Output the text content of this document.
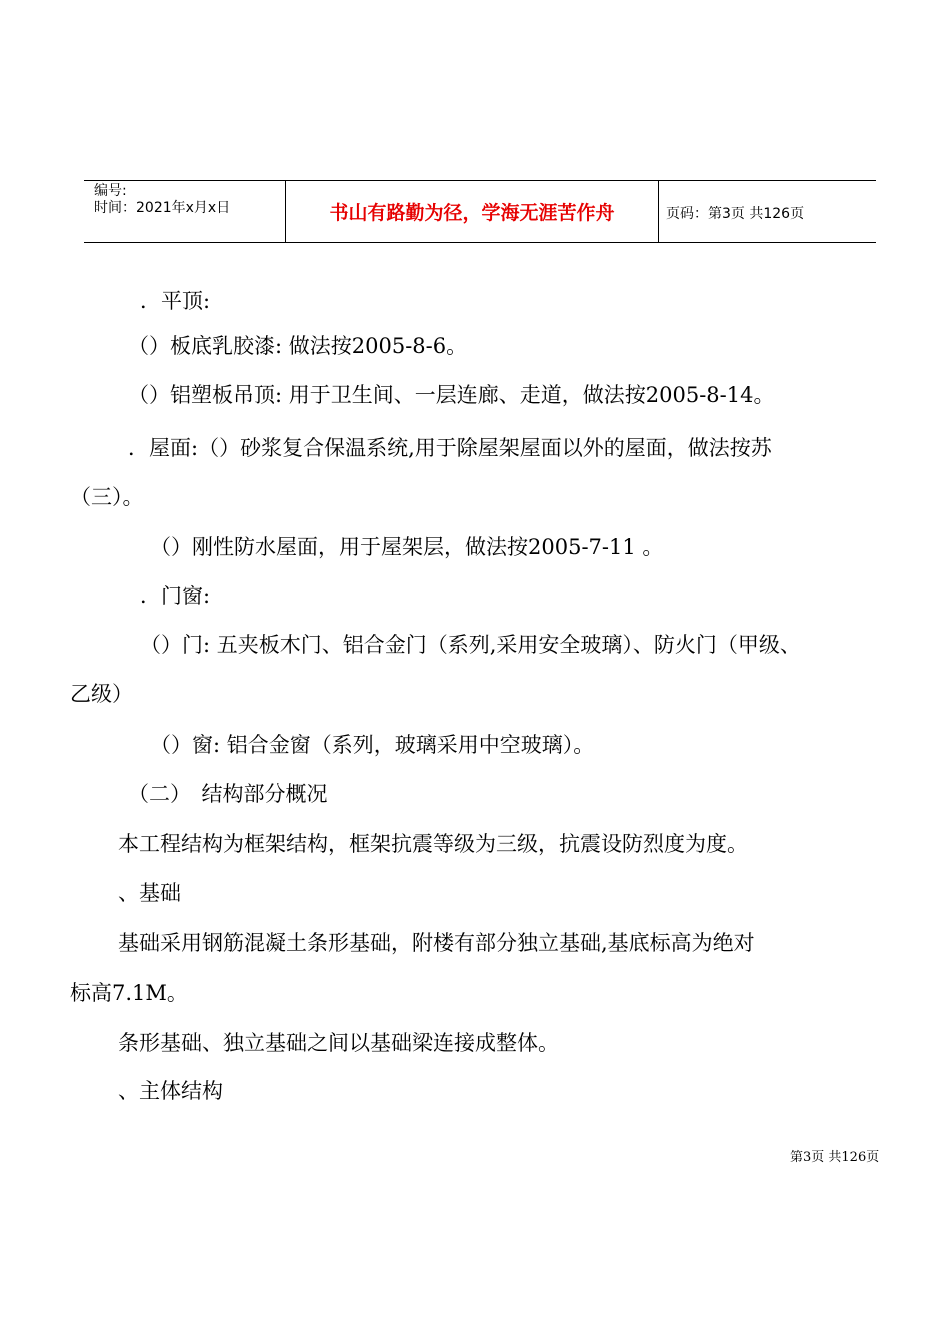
编号:
时间：2021年x月x日	书山有路勤为径，学海无涯苦作舟	页码：第3页 共126页
．平顶:
（）板底乳胶漆: 做法按2005-8-6。
（）铝塑板吊顶: 用于卫生间、一层连廊、走道，做法按2005-8-14。
．屋面:（）砂浆复合保温系统,用于除屋架屋面以外的屋面，做法按苏
（三）。
（）刚性防水屋面，用于屋架层，做法按2005-7-11 。
．门窗:
（）门: 五夹板木门、铝合金门（系列,采用安全玻璃）、防火门（甲级、
乙级）
（）窗: 铝合金窗（系列，玻璃采用中空玻璃）。
（二）　结构部分概况
本工程结构为框架结构，框架抗震等级为三级，抗震设防烈度为度。
、基础
基础采用钢筋混凝土条形基础，附楼有部分独立基础,基底标高为绝对
标高7.1M。
条形基础、独立基础之间以基础梁连接成整体。
、主体结构
第3页 共126页
